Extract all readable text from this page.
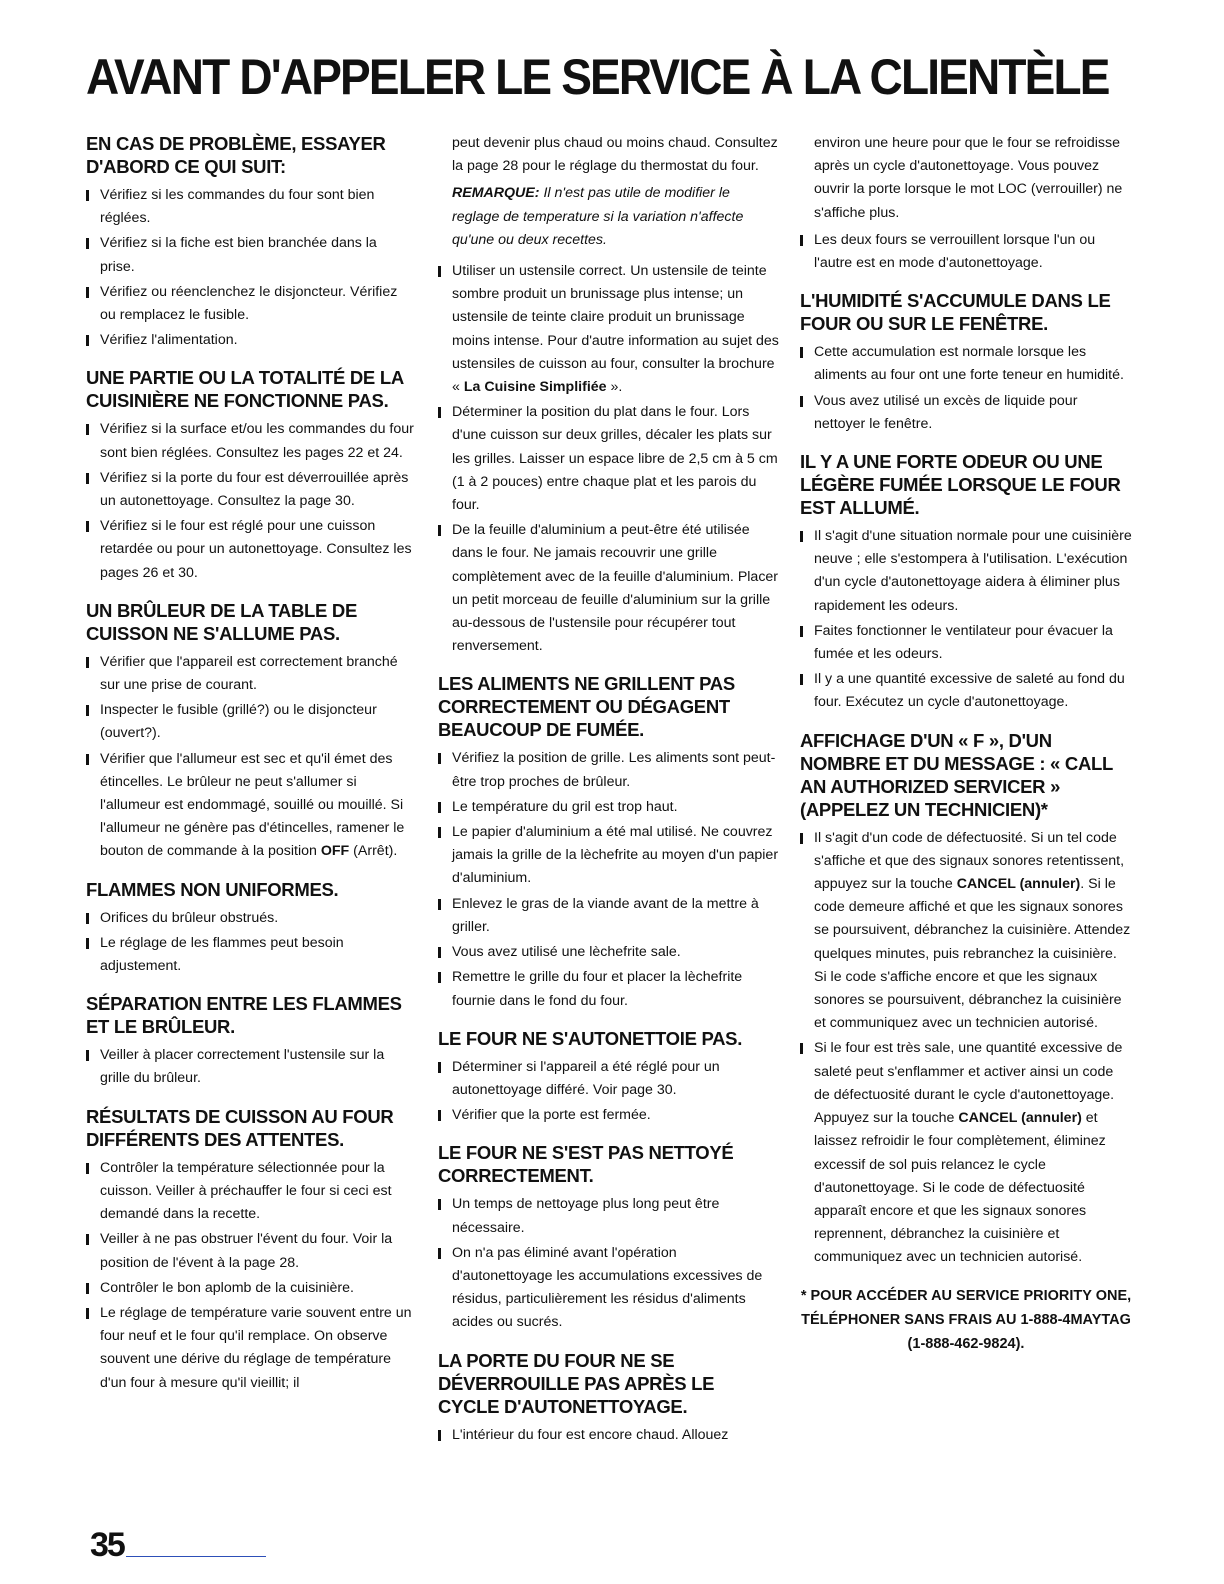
AVANT D'APPELER LE SERVICE À LA CLIENTÈLE
EN CAS DE PROBLÈME, ESSAYER D'ABORD CE QUI SUIT:
Vérifiez si les commandes du four sont bien réglées.
Vérifiez si la fiche est bien branchée dans la prise.
Vérifiez ou réenclenchez le disjoncteur. Vérifiez ou remplacez le fusible.
Vérifiez l'alimentation.
UNE PARTIE OU LA TOTALITÉ DE LA CUISINIÈRE NE FONCTIONNE PAS.
Vérifiez si la surface et/ou les commandes du four sont bien réglées. Consultez les pages 22 et 24.
Vérifiez si la porte du four est déverrouillée après un autonettoyage. Consultez la page 30.
Vérifiez si le four est réglé pour une cuisson retardée ou pour un autonettoyage. Consultez les pages 26 et 30.
UN BRÛLEUR DE LA TABLE DE CUISSON NE S'ALLUME PAS.
Vérifier que l'appareil est correctement branché sur une prise de courant.
Inspecter le fusible (grillé?) ou le disjoncteur (ouvert?).
Vérifier que l'allumeur est sec et qu'il émet des étincelles. Le brûleur ne peut s'allumer si l'allumeur est endommagé, souillé ou mouillé. Si l'allumeur ne génère pas d'étincelles, ramener le bouton de commande à la position OFF (Arrêt).
FLAMMES NON UNIFORMES.
Orifices du brûleur obstrués.
Le réglage de les flammes peut besoin adjustement.
SÉPARATION ENTRE LES FLAMMES ET LE BRÛLEUR.
Veiller à placer correctement l'ustensile sur la grille du brûleur.
RÉSULTATS DE CUISSON AU FOUR DIFFÉRENTS DES ATTENTES.
Contrôler la température sélectionnée pour la cuisson. Veiller à préchauffer le four si ceci est demandé dans la recette.
Veiller à ne pas obstruer l'évent du four. Voir la position de l'évent à la page 28.
Contrôler le bon aplomb de la cuisinière.
Le réglage de température varie souvent entre un four neuf et le four qu'il remplace. On observe souvent une dérive du réglage de température d'un four à mesure qu'il vieillit; il
peut devenir plus chaud ou moins chaud. Consultez la page 28 pour le réglage du thermostat du four.
REMARQUE: Il n'est pas utile de modifier le reglage de temperature si la variation n'affecte qu'une ou deux recettes.
Utiliser un ustensile correct. Un ustensile de teinte sombre produit un brunissage plus intense; un ustensile de teinte claire produit un brunissage moins intense. Pour d'autre information au sujet des ustensiles de cuisson au four, consulter la brochure « La Cuisine Simplifiée ».
Déterminer la position du plat dans le four. Lors d'une cuisson sur deux grilles, décaler les plats sur les grilles. Laisser un espace libre de 2,5 cm à 5 cm (1 à 2 pouces) entre chaque plat et les parois du four.
De la feuille d'aluminium a peut-être été utilisée dans le four. Ne jamais recouvrir une grille complètement avec de la feuille d'aluminium. Placer un petit morceau de feuille d'aluminium sur la grille au-dessous de l'ustensile pour récupérer tout renversement.
LES ALIMENTS NE GRILLENT PAS CORRECTEMENT OU DÉGAGENT BEAUCOUP DE FUMÉE.
Vérifiez la position de grille. Les aliments sont peut-être trop proches de brûleur.
Le température du gril est trop haut.
Le papier d'aluminium a été mal utilisé. Ne couvrez jamais la grille de la lèchefrite au moyen d'un papier d'aluminium.
Enlevez le gras de la viande avant de la mettre à griller.
Vous avez utilisé une lèchefrite sale.
Remettre le grille du four et placer la lèchefrite fournie dans le fond du four.
LE FOUR NE S'AUTONETTOIE PAS.
Déterminer si l'appareil a été réglé pour un autonettoyage différé. Voir page 30.
Vérifier que la porte est fermée.
LE FOUR NE S'EST PAS NETTOYÉ CORRECTEMENT.
Un temps de nettoyage plus long peut être nécessaire.
On n'a pas éliminé avant l'opération d'autonettoyage les accumulations excessives de résidus, particulièrement les résidus d'aliments acides ou sucrés.
LA PORTE DU FOUR NE SE DÉVERROUILLE PAS APRÈS LE CYCLE D'AUTONETTOYAGE.
L'intérieur du four est encore chaud. Allouez
environ une heure pour que le four se refroidisse après un cycle d'autonettoyage. Vous pouvez ouvrir la porte lorsque le mot LOC (verrouiller) ne s'affiche plus.
Les deux fours se verrouillent lorsque l'un ou l'autre est en mode d'autonettoyage.
L'HUMIDITÉ S'ACCUMULE DANS LE FOUR OU SUR LE FENÊTRE.
Cette accumulation est normale lorsque les aliments au four ont une forte teneur en humidité.
Vous avez utilisé un excès de liquide pour nettoyer le fenêtre.
IL Y A UNE FORTE ODEUR OU UNE LÉGÈRE FUMÉE LORSQUE LE FOUR EST ALLUMÉ.
Il s'agit d'une situation normale pour une cuisinière neuve ; elle s'estompera à l'utilisation. L'exécution d'un cycle d'autonettoyage aidera à éliminer plus rapidement les odeurs.
Faites fonctionner le ventilateur pour évacuer la fumée et les odeurs.
Il y a une quantité excessive de saleté au fond du four. Exécutez un cycle d'autonettoyage.
AFFICHAGE D'UN « F », D'UN NOMBRE ET DU MESSAGE : « CALL AN AUTHORIZED SERVICER » (APPELEZ UN TECHNICIEN)*
Il s'agit d'un code de défectuosité. Si un tel code s'affiche et que des signaux sonores retentissent, appuyez sur la touche CANCEL (annuler). Si le code demeure affiché et que les signaux sonores se poursuivent, débranchez la cuisinière. Attendez quelques minutes, puis rebranchez la cuisinière. Si le code s'affiche encore et que les signaux sonores se poursuivent, débranchez la cuisinière et communiquez avec un technicien autorisé.
Si le four est très sale, une quantité excessive de saleté peut s'enflammer et activer ainsi un code de défectuosité durant le cycle d'autonettoyage. Appuyez sur la touche CANCEL (annuler) et laissez refroidir le four complètement, éliminez excessif de sol puis relancez le cycle d'autonettoyage. Si le code de défectuosité apparaît encore et que les signaux sonores reprennent, débranchez la cuisinière et communiquez avec un technicien autorisé.
* POUR ACCÉDER AU SERVICE PRIORITY ONE,
TÉLÉPHONER SANS FRAIS AU 1-888-4MAYTAG
(1-888-462-9824).
35
